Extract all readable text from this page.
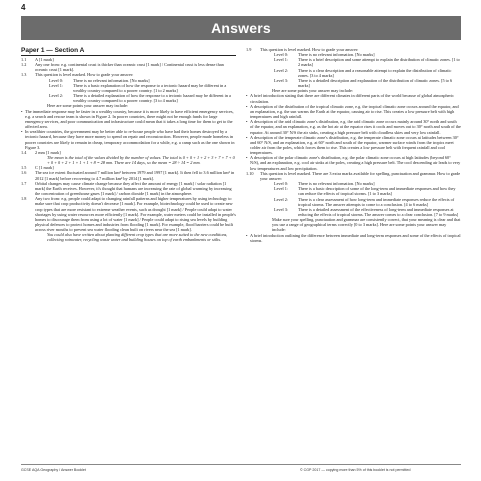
4
Answers
Paper 1 — Section A
1.1	A [1 mark]
1.2	Any one from: e.g. continental crust is thicker than oceanic crust [1 mark] / Continental crust is less dense than oceanic crust [1 mark].
1.3	This question is level marked. How to grade your answer:
Level 0:	There is no relevant information. [No marks]
Level 1:	There is a basic explanation of how the response to a tectonic hazard may be different in a wealthy country compared to a poorer country. [1 to 2 marks]
Level 2:	There is a detailed explanation of how the response to a tectonic hazard may be different in a wealthy country compared to a poorer country. [3 to 4 marks]
Here are some points your answer may include:
• The immediate response may be faster in a wealthy country, because it is more likely to have efficient emergency services, e.g. a search and rescue team is shown in Figure 2. In poorer countries, there might not be enough funds for large emergency services, and poor communication and infrastructure could mean that it takes a long time for them to get to the affected area.
• In wealthier countries, the government may be better able to re-house people who have had their homes destroyed by a tectonic hazard, because they have more money to spend on repair and reconstruction. However, people made homeless in poorer countries are likely to remain in cheap, temporary accommodation for a while, e.g. a camp such as the one shown in Figure 3.
1.4	2 mm [1 mark]
The mean is the total of the values divided by the number of values. The total is 0 + 0 + 1 + 2 + 3 + 7 + 7 + 0 + 0 + 0 + 2 + 1 + 1 + 1 + 8 = 28 mm. There are 14 days, so the mean = 28 ÷ 14 = 2 mm.
1.5	C [1 mark]
1.6	The sea ice extent fluctuated around 7 million km² between 1979 and 1997 [1 mark]. It then fell to 3.6 million km² in 2012 [1 mark] before recovering to 4.7 million km² by 2014 [1 mark].
1.7	Orbital changes may cause climate change because they affect the amount of energy [1 mark] / solar radiation [1 mark] the Earth receives. However, it's thought that humans are increasing the rate of global warming by increasing the concentration of greenhouse gases [1 mark] / carbon dioxide [1 mark] in the atmosphere.
1.8	Any two from: e.g. people could adapt to changing rainfall patterns and higher temperatures by using technology to make sure that crop productivity doesn't decrease [1 mark]. For example, biotechnology could be used to create new crop types that are more resistant to extreme weather events, such as drought [1 mark] / People could adapt to water shortages by using water resources more efficiently [1 mark]. For example, water meters could be installed in people's homes to discourage them from using a lot of water [1 mark] / People could adapt to rising sea levels by building physical defences to protect homes and industries from flooding [1 mark]. For example, flood barriers could be built across river mouths to prevent sea water flooding clean built on rivers near the sea [1 mark].
You could also have written about planting different crop types that are more suited to the new conditions, collecting rainwater, recycling waste water and building houses on top of earth embankments or stilts.
1.9	This question is level marked. How to grade your answer:
Level 0:	There is no relevant information. [No marks]
Level 1:	There is a brief description and some attempt to explain the distribution of climatic zones. [1 to 2 marks]
Level 2:	There is a clear description and a reasonable attempt to explain the distribution of climatic zones. [3 to 4 marks]
Level 3:	There is a detailed description and explanation of the distribution of climatic zones. [5 to 6 marks]
Here are some points your answer may include:
• A brief introduction stating that there are different climates in different parts of the world because of global atmospheric circulation.
• A description of the distribution of the tropical climatic zone, e.g. the tropical climatic zone occurs around the equator, and an explanation, e.g. the sun warms the Earth at the equator, causing air to rise. This creates a low pressure belt with high temperatures and high rainfall.
• A description of the arid climatic zone's distribution, e.g. the arid climatic zone occurs mainly around 30° north and south of the equator, and an explanation, e.g. as the hot air at the equator rises it cools and moves out to 30° north and south of the equator. At around 30° N/S the air sinks, creating a high pressure belt with cloudless skies and very low rainfall.
• A description of the temperate climatic zone's distribution, e.g. the temperate climatic zone occurs at latitudes between 30° and 60° N/S, and an explanation, e.g. at 60° north and south of the equator, warmer surface winds from the tropics meet colder air from the poles, which forces them to rise. This creates a low pressure belt with frequent rainfall and cool temperatures.
• A description of the polar climatic zone's distribution, e.g. the polar climatic zone occurs at high latitudes (beyond 60° N/S), and an explanation, e.g. cool air sinks at the poles, creating a high pressure belt. The cool descending air leads to very low temperatures and low precipitation.
1.10	This question is level marked. There are 3 extra marks available for spelling, punctuation and grammar. How to grade your answer:
Level 0:	There is no relevant information. [No marks]
Level 1:	There is a basic description of some of the long-term and immediate responses and how they can reduce the effects of tropical storms. [1 to 3 marks]
Level 2:	There is a clear assessment of how long-term and immediate responses reduce the effects of tropical storms. The answer attempts to come to a conclusion. [4 to 6 marks]
Level 3:	There is a detailed assessment of the effectiveness of long-term and immediate responses at reducing the effects of tropical storms. The answer comes to a clear conclusion. [7 to 9 marks]
Make sure your spelling, punctuation and grammar are consistently correct, that your meaning is clear and that you use a range of geographical terms correctly [0 to 3 marks]. Here are some points your answer may include:
• A brief introduction outlining the difference between immediate and long-term responses and some of the effects of tropical storms.
GCSE AQA Geography / Answer Booklet	© CGP 2017 — copying more than 5% of this booklet is not permitted
